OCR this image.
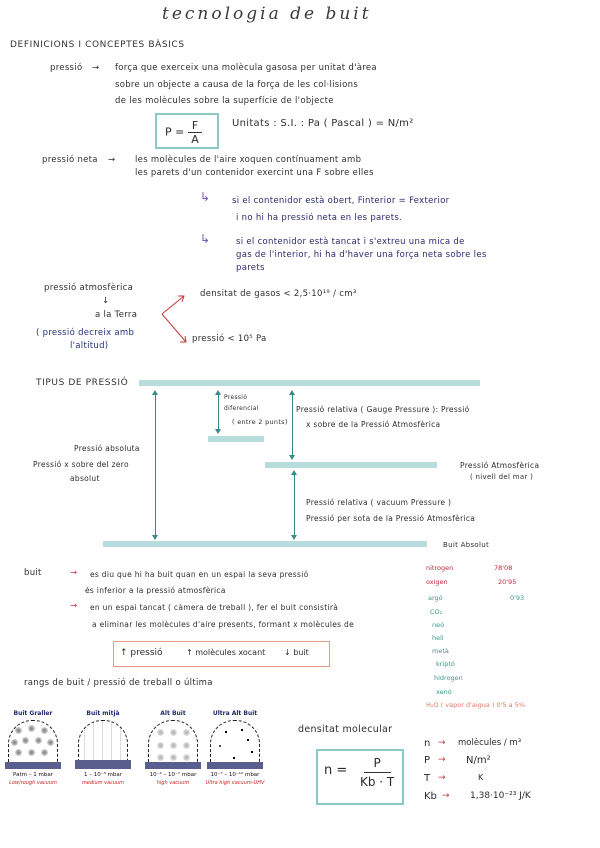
tecnologia de buit
DEFINICIONS I CONCEPTES BÀSICS
pressió → força que exerceix una molècula gasosa per unitat d'àrea
sobre un objecte a causa de la força de les col·lisions
de les molècules sobre la superfície de l'objecte
$P = \frac{F}{A}$	Unitats : S.I. : Pa ( Pascal ) = N/m²
pressió neta → les molècules de l'aire xoquen contínuament amb
les parets d'un contenidor exercint una F sobre elles
↳	si el contenidor està obert, Finterior = Fexterior
i no hi ha pressió neta en les parets.
↳	si el contenidor està tancat i s'extreu una mica de
gas de l'interior, hi ha d'haver una força neta sobre les
parets
pressió atmosfèrica
↓
a la Terra
( pressió decreix amb
l'altitud)
densitat de gasos < 2,5·10¹⁹ / cm³
pressió < 10⁵ Pa
TIPUS DE PRESSIÓ
Pressió
diferencial
( entre 2 punts)
Pressió relativa ( Gauge Pressure ): Pressió
x sobre de la Pressió Atmosfèrica
Pressió absoluta
Pressió x sobre del zero
absolut
Pressió Atmosfèrica
( nivell del mar )
Pressió relativa ( vacuum Pressure )
Pressió per sota de la Pressió Atmosfèrica
Buit Absolut
buit	→ es diu que hi ha buit quan en un espai la seva pressió
és inferior a la pressió atmosfèrica
→ en un espai tancat ( càmera de treball ), fer el buit consistirà
a eliminar les molècules d'aire presents, formant x molècules de
↑ pressió	↑ molècules xocant ↓ buit
nitrogen	78'08
oxigen	20'95
argó	0'93
CO₂
neó
heli
metà
kriptó
hidrogen
xenó
H₂O ( vapor d'aigua ) 0'5 a 5%
rangs de buit / pressió de treball o última
Buit Graller
Patm – 1 mbar
Low/rough vacuum
Buit mitjà
1 – 10⁻³ mbar
medium vacuum
Alt Buit
10⁻³ – 10⁻⁷ mbar
high vacuum
Ultra Alt Buit
10⁻⁷ – 10⁻¹² mbar
Ultra high vacuum-UHV
densitat molecular
$n = \frac{P}{Kb \cdot T}$
n → molècules / m³
P → N/m²
T →	K
Kb → 1,38·10⁻²³ J/K
